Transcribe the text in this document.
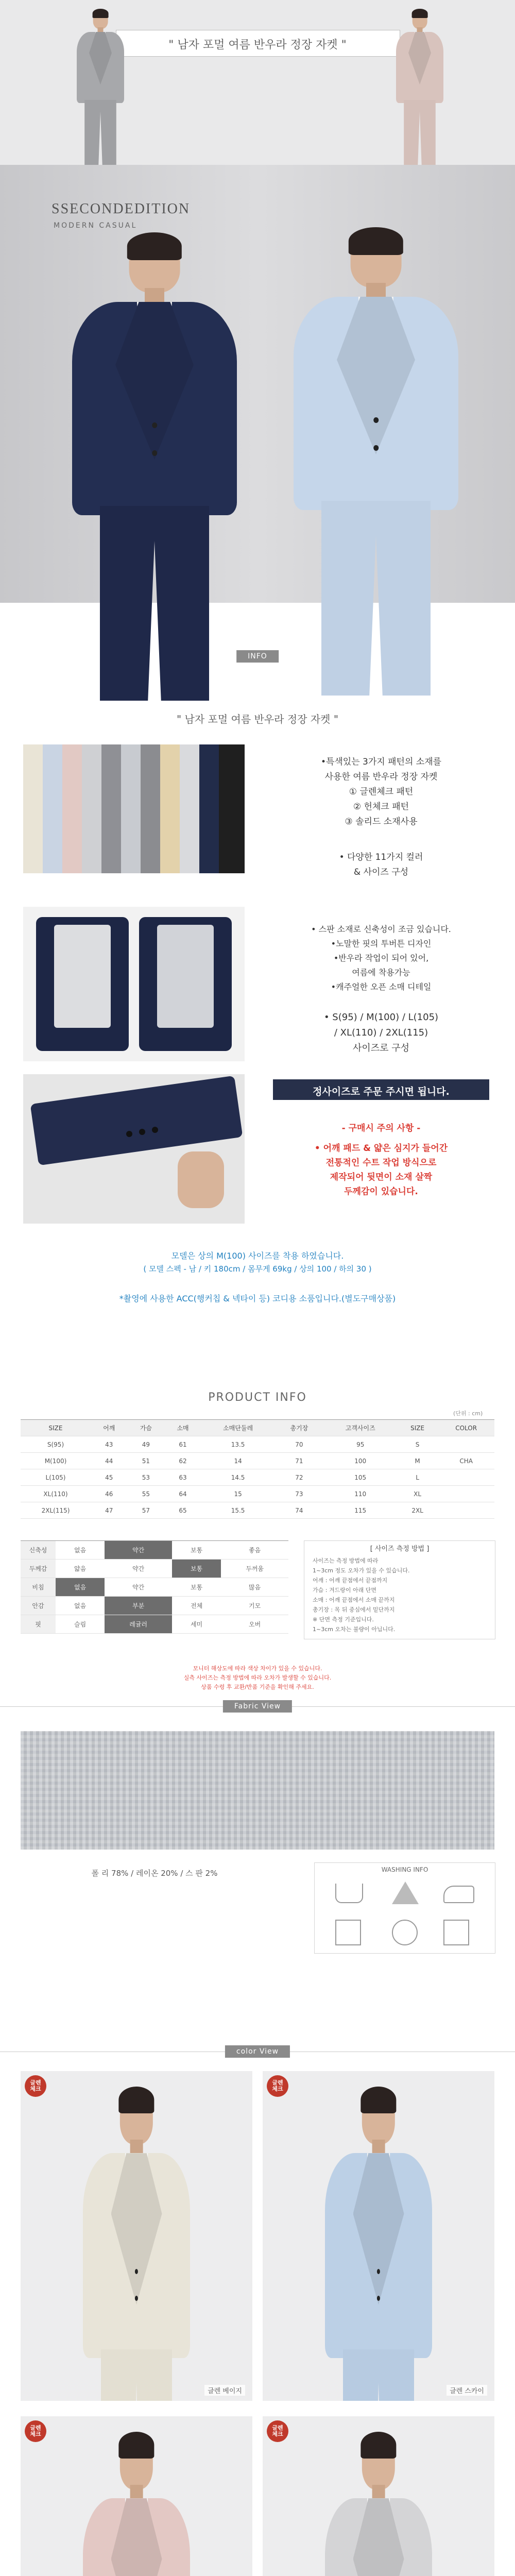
" 남자 포멀 여름 반우라 정장 자켓 "
SSECONDEDITION
MODERN CASUAL
INFO
" 남자 포멀 여름 반우라 정장 자켓 "
•특색있는 3가지 패턴의 소재를
사용한 여름 반우라 정장 자켓
① 글렌체크 패턴
② 헌체크 패턴
③ 솔리드 소재사용
• 다양한 11가지 컬러
& 사이즈 구성
• 스판 소재로 신축성이 조금 있습니다.
•노말한 핏의 투버튼 디자인
•반우라 작업이 되어 있어,
여름에 착용가능
•캐주얼한 오픈 소매 디테일
• S(95) / M(100) / L(105)
/ XL(110) / 2XL(115)
사이즈로 구성
정사이즈로 주문 주시면 됩니다.
- 구매시 주의 사항 -
• 어깨 패드 & 얇은 심지가 들어간
전통적인 수트 작업 방식으로
제작되어 뒷면이 소재 살짝
두께감이 있습니다.
모델은 상의 M(100) 사이즈를 착용 하였습니다.
( 모델 스펙 - 남 / 키 180cm / 몸무게 69kg / 상의 100 / 하의 30 )
*촬영에 사용한 ACC(행커칩 & 넥타이 등) 코디용 소품입니다.(별도구매상품)
PRODUCT INFO
(단위 : cm)
SIZE	어깨	가슴	소매	소매단둘레	총기장	고객사이즈	SIZE	COLOR
S(95)	43	49	61	13.5	70	95	S	
M(100)	44	51	62	14	71	100	M	CHA
L(105)	45	53	63	14.5	72	105	L	
XL(110)	46	55	64	15	73	110	XL	
2XL(115)	47	57	65	15.5	74	115	2XL	
신축성	없음	약간	보통	좋음
두께감	얇음	약간	보통	두꺼움
비침	없음	약간	보통	많음
안감	없음	부분	전체	기모
핏	슬림	레귤러	세미	오버
[ 사이즈 측정 방법 ]
사이즈는 측정 방법에 따라
1~3cm 정도 오차가 있을 수 있습니다.
어깨 : 어깨 끝점에서 끝점까지
가슴 : 겨드랑이 아래 단면
소매 : 어깨 끝점에서 소매 끝까지
총기장 : 목 뒤 중심에서 밑단까지
※ 단면 측정 기준입니다.
1~3cm 오차는 불량이 아닙니다.
모니터 해상도에 따라 색상 차이가 있을 수 있습니다.
실측 사이즈는 측정 방법에 따라 오차가 발생할 수 있습니다.
상품 수령 후 교환/반품 기준을 확인해 주세요.
Fabric View
폴 리 78% / 레이온 20% / 스 판 2%	WASHING INFO
color View
글렌
체크
글렌 베이지
글렌
체크
글렌 스카이
글렌
체크
글렌
체크
